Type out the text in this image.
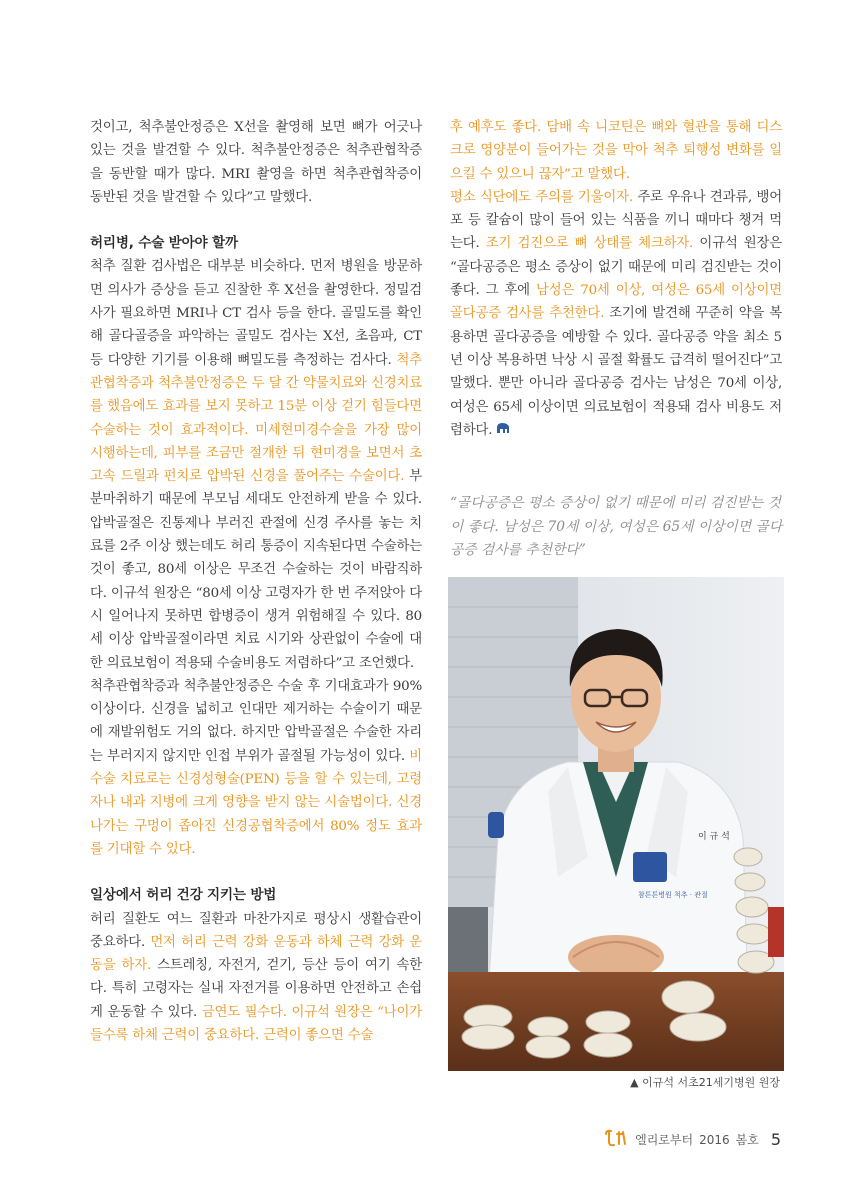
것이고, 척추불안정증은 X선을 촬영해 보면 뼈가 어긋나 있는 것을 발견할 수 있다. 척추불안정증은 척추관협착증을 동반할 때가 많다. MRI 촬영을 하면 척추관협착증이 동반된 것을 발견할 수 있다”고 말했다.

허리병, 수술 받아야 할까

척추 질환 검사법은 대부분 비슷하다. 먼저 병원을 방문하면 의사가 증상을 듣고 진찰한 후 X선을 촬영한다. 정밀검사가 필요하면 MRI나 CT 검사 등을 한다. 골밀도를 확인해 골다골증을 파악하는 골밀도 검사는 X선, 초음파, CT 등 다양한 기기를 이용해 뼈밀도를 측정하는 검사다. 척추관협착증과 척추불안정증은 두 달 간 약물치료와 신경치료를 했음에도 효과를 보지 못하고 15분 이상 걷기 힘들다면 수술하는 것이 효과적이다. 미세현미경수술을 가장 많이 시행하는데, 피부를 조금만 절개한 뒤 현미경을 보면서 초고속 드릴과 펀치로 압박된 신경을 풀어주는 수술이다. 부분마취하기 때문에 부모님 세대도 안전하게 받을 수 있다. 압박골절은 진통제나 부러진 관절에 신경 주사를 놓는 치료를 2주 이상 했는데도 허리 통증이 지속된다면 수술하는 것이 좋고, 80세 이상은 무조건 수술하는 것이 바람직하다. 이규석 원장은 “80세 이상 고령자가 한 번 주저앉아 다시 일어나지 못하면 합병증이 생겨 위험해질 수 있다. 80세 이상 압박골절이라면 치료 시기와 상관없이 수술에 대한 의료보험이 적용돼 수술비용도 저렴하다”고 조언했다.

척추관협착증과 척추불안정증은 수술 후 기대효과가 90% 이상이다. 신경을 넓히고 인대만 제거하는 수술이기 때문에 재발위험도 거의 없다. 하지만 압박골절은 수술한 자리는 부러지지 않지만 인접 부위가 골절될 가능성이 있다. 비수술 치료로는 신경성형술(PEN) 등을 할 수 있는데, 고령자나 내과 지병에 크게 영향을 받지 않는 시술법이다. 신경 나가는 구멍이 좁아진 신경공협착증에서 80% 정도 효과를 기대할 수 있다.

일상에서 허리 건강 지키는 방법

허리 질환도 여느 질환과 마찬가지로 평상시 생활습관이 중요하다. 먼저 허리 근력 강화 운동과 하체 근력 강화 운동을 하자. 스트레칭, 자전거, 걷기, 등산 등이 여기 속한다. 특히 고령자는 실내 자전거를 이용하면 안전하고 손쉽게 운동할 수 있다. 금연도 필수다. 이규석 원장은 “나이가 들수록 하체 근력이 중요하다. 근력이 좋으면 수술

후 예후도 좋다. 담배 속 니코틴은 뼈와 혈관을 통해 디스크로 영양분이 들어가는 것을 막아 척추 퇴행성 변화를 일으킬 수 있으니 끊자”고 말했다.

평소 식단에도 주의를 기울이자. 주로 우유나 견과류, 뱅어포 등 칼슘이 많이 들어 있는 식품을 끼니 때마다 챙겨 먹는다. 조기 검진으로 뼈 상태를 체크하자. 이규석 원장은 “골다공증은 평소 증상이 없기 때문에 미리 검진받는 것이 좋다. 그 후에 남성은 70세 이상, 여성은 65세 이상이면 골다공증 검사를 추천한다. 조기에 발견해 꾸준히 약을 복용하면 골다공증을 예방할 수 있다. 골다공증 약을 최소 5년 이상 복용하면 낙상 시 골절 확률도 급격히 떨어진다”고 말했다. 뿐만 아니라 골다공증 검사는 남성은 70세 이상, 여성은 65세 이상이면 의료보험이 적용돼 검사 비용도 저렴하다.

“골다공증은 평소 증상이 없기 때문에 미리 검진받는 것이 좋다. 남성은 70세 이상, 여성은 65세 이상이면 골다공증 검사를 추천한다”
이 규 석
참튼튼병원 척추 · 관절
▲ 이규석 서초21세기병원 원장
엘리로부터 2016 봄호 5
